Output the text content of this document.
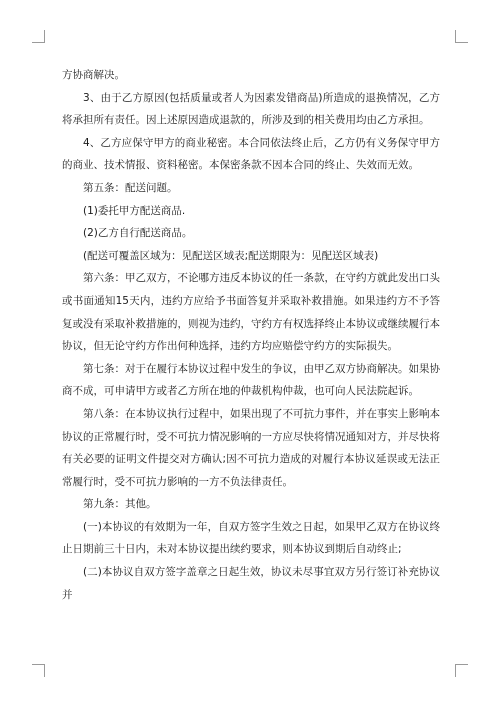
方协商解决。

3、由于乙方原因(包括质量或者人为因素发错商品)所造成的退换情况，乙方将承担所有责任。因上述原因造成退款的，所涉及到的相关费用均由乙方承担。

4、乙方应保守甲方的商业秘密。本合同依法终止后，乙方仍有义务保守甲方的商业、技术情报、资料秘密。本保密条款不因本合同的终止、失效而无效。

第五条：配送问题。

(1)委托甲方配送商品.

(2)乙方自行配送商品。

(配送可覆盖区域为：见配送区域表;配送期限为：见配送区域表)

第六条：甲乙双方，不论哪方违反本协议的任一条款，在守约方就此发出口头或书面通知15天内，违约方应给予书面答复并采取补救措施。如果违约方不予答复或没有采取补救措施的，则视为违约，守约方有权选择终止本协议或继续履行本协议，但无论守约方作出何种选择，违约方均应赔偿守约方的实际损失。

第七条：对于在履行本协议过程中发生的争议，由甲乙双方协商解决。如果协商不成，可申请甲方或者乙方所在地的仲裁机构仲裁，也可向人民法院起诉。

第八条：在本协议执行过程中，如果出现了不可抗力事件，并在事实上影响本协议的正常履行时，受不可抗力情况影响的一方应尽快将情况通知对方，并尽快将有关必要的证明文件提交对方确认;因不可抗力造成的对履行本协议延误或无法正常履行时，受不可抗力影响的一方不负法律责任。

第九条：其他。

(一)本协议的有效期为一年，自双方签字生效之日起，如果甲乙双方在协议终止日期前三十日内，未对本协议提出续约要求，则本协议到期后自动终止;

(二)本协议自双方签字盖章之日起生效，协议未尽事宜双方另行签订补充协议并
